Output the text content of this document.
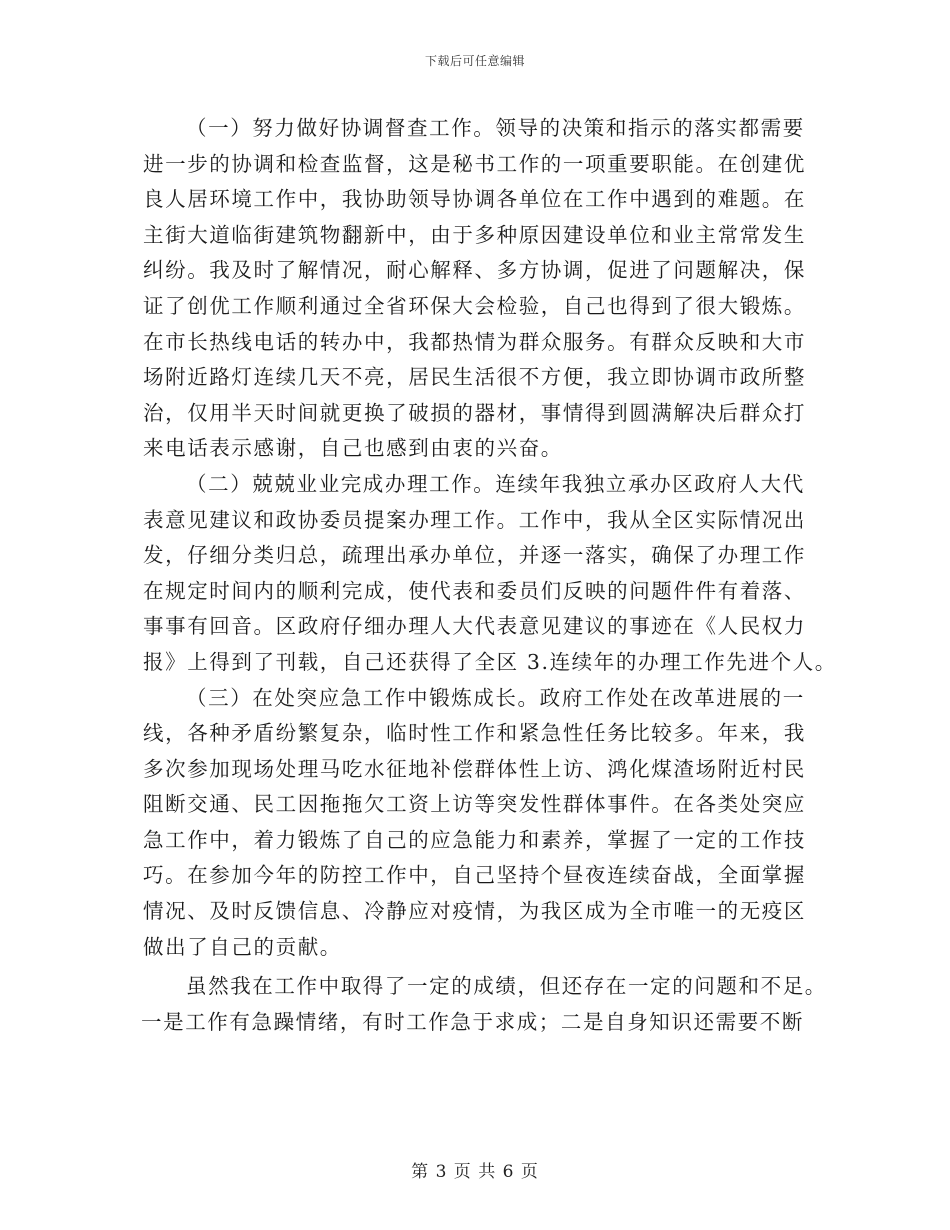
下载后可任意编辑
（一）努力做好协调督查工作。领导的决策和指示的落实都需要
进一步的协调和检查监督，这是秘书工作的一项重要职能。在创建优
良人居环境工作中，我协助领导协调各单位在工作中遇到的难题。在
主街大道临街建筑物翻新中，由于多种原因建设单位和业主常常发生
纠纷。我及时了解情况，耐心解释、多方协调，促进了问题解决，保
证了创优工作顺利通过全省环保大会检验，自己也得到了很大锻炼。
在市长热线电话的转办中，我都热情为群众服务。有群众反映和大市
场附近路灯连续几天不亮，居民生活很不方便，我立即协调市政所整
治，仅用半天时间就更换了破损的器材，事情得到圆满解决后群众打
来电话表示感谢，自己也感到由衷的兴奋。
（二）兢兢业业完成办理工作。连续年我独立承办区政府人大代
表意见建议和政协委员提案办理工作。工作中，我从全区实际情况出
发，仔细分类归总，疏理出承办单位，并逐一落实，确保了办理工作
在规定时间内的顺利完成，使代表和委员们反映的问题件件有着落、
事事有回音。区政府仔细办理人大代表意见建议的事迹在《人民权力
报》上得到了刊载，自己还获得了全区 3.连续年的办理工作先进个人。
（三）在处突应急工作中锻炼成长。政府工作处在改革进展的一
线，各种矛盾纷繁复杂，临时性工作和紧急性任务比较多。年来，我
多次参加现场处理马吃水征地补偿群体性上访、鸿化煤渣场附近村民
阻断交通、民工因拖拖欠工资上访等突发性群体事件。在各类处突应
急工作中，着力锻炼了自己的应急能力和素养，掌握了一定的工作技
巧。在参加今年的防控工作中，自己坚持个昼夜连续奋战，全面掌握
情况、及时反馈信息、冷静应对疫情，为我区成为全市唯一的无疫区
做出了自己的贡献。
虽然我在工作中取得了一定的成绩，但还存在一定的问题和不足。
一是工作有急躁情绪，有时工作急于求成；二是自身知识还需要不断
第 3 页 共 6 页
